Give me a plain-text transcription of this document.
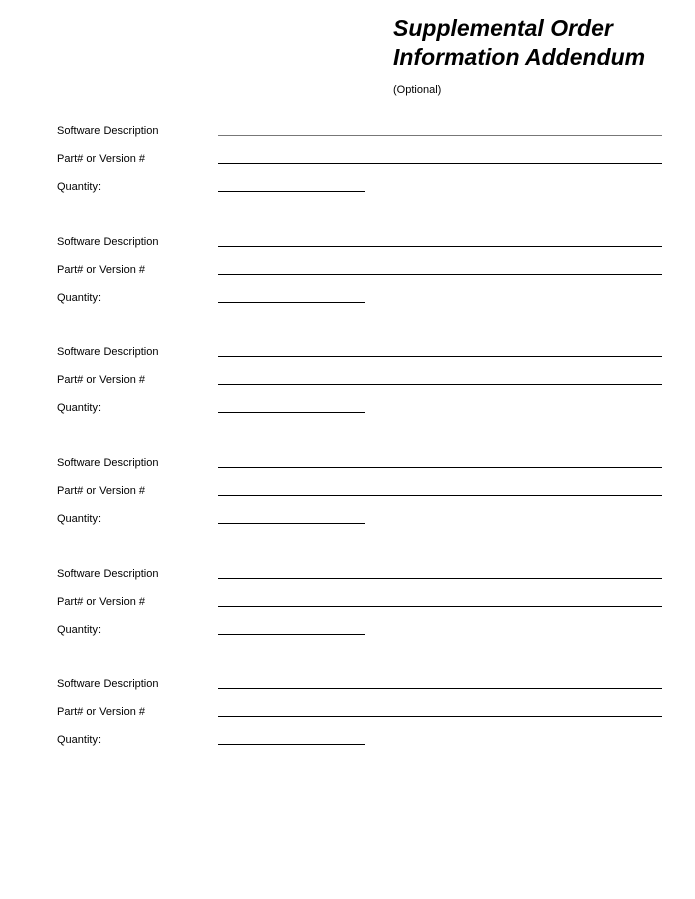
Supplemental Order
Information Addendum
(Optional)
Software Description
Part# or Version #
Quantity:
Software Description
Part# or Version #
Quantity:
Software Description
Part# or Version #
Quantity:
Software Description
Part# or Version #
Quantity:
Software Description
Part# or Version #
Quantity:
Software Description
Part# or Version #
Quantity:
